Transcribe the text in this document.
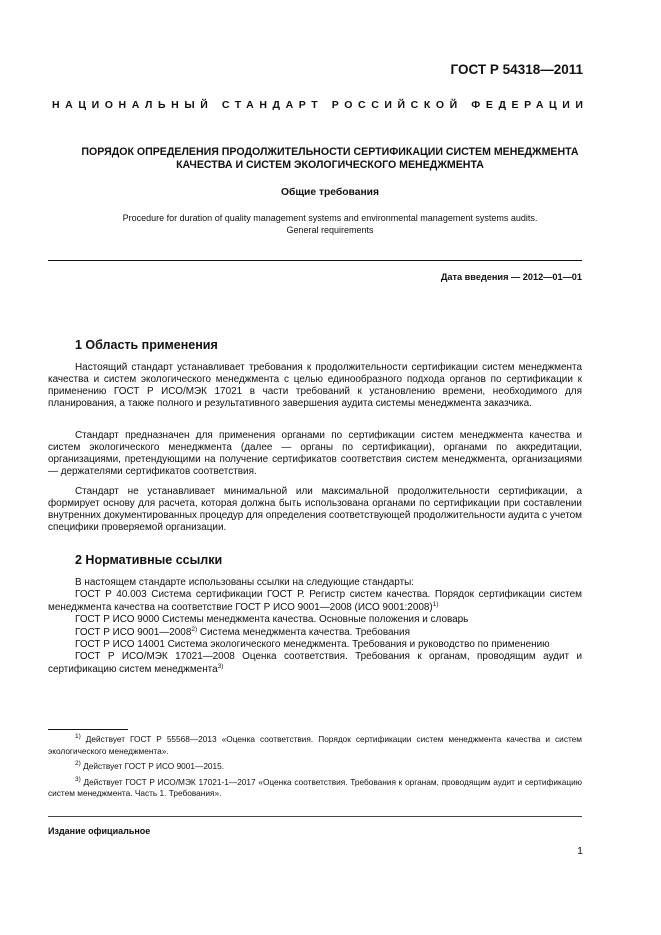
ГОСТ Р 54318—2011
НАЦИОНАЛЬНЫЙ СТАНДАРТ РОССИЙСКОЙ ФЕДЕРАЦИИ
ПОРЯДОК ОПРЕДЕЛЕНИЯ ПРОДОЛЖИТЕЛЬНОСТИ СЕРТИФИКАЦИИ СИСТЕМ МЕНЕДЖМЕНТА
КАЧЕСТВА И СИСТЕМ ЭКОЛОГИЧЕСКОГО МЕНЕДЖМЕНТА
Общие требования
Procedure for duration of quality management systems and environmental management systems audits.
General requirements
Дата введения — 2012—01—01
1 Область применения
Настоящий стандарт устанавливает требования к продолжительности сертификации систем менеджмента качества и систем экологического менеджмента с целью единообразного подхода органов по сертификации к применению ГОСТ Р ИСО/МЭК 17021 в части требований к установлению времени, необходимого для планирования, а также полного и результативного завершения аудита системы менеджмента заказчика.
Стандарт предназначен для применения органами по сертификации систем менеджмента качества и систем экологического менеджмента (далее — органы по сертификации), органами по аккредитации, организациями, претендующими на получение сертификатов соответствия систем менеджмента, организациями — держателями сертификатов соответствия.
Стандарт не устанавливает минимальной или максимальной продолжительности сертификации, а формирует основу для расчета, которая должна быть использована органами по сертификации при составлении внутренних документированных процедур для определения соответствующей продолжительности аудита с учетом специфики проверяемой организации.
2 Нормативные ссылки
В настоящем стандарте использованы ссылки на следующие стандарты:
ГОСТ Р 40.003 Система сертификации ГОСТ Р. Регистр систем качества. Порядок сертификации систем менеджмента качества на соответствие ГОСТ Р ИСО 9001—2008 (ИСО 9001:2008)$^{1)}$
ГОСТ Р ИСО 9000 Системы менеджмента качества. Основные положения и словарь
ГОСТ Р ИСО 9001—2008$^{2)}$ Система менеджмента качества. Требования
ГОСТ Р ИСО 14001 Система экологического менеджмента. Требования и руководство по применению
ГОСТ Р ИСО/МЭК 17021—2008 Оценка соответствия. Требования к органам, проводящим аудит и сертификацию систем менеджмента$^{3)}$
$^{1)}$ Действует ГОСТ Р 55568—2013 «Оценка соответствия. Порядок сертификации систем менеджмента качества и систем экологического менеджмента».
$^{2)}$ Действует ГОСТ Р ИСО 9001—2015.
$^{3)}$ Действует ГОСТ Р ИСО/МЭК 17021-1—2017 «Оценка соответствия. Требования к органам, проводящим аудит и сертификацию систем менеджмента. Часть 1. Требования».
Издание официальное
1
